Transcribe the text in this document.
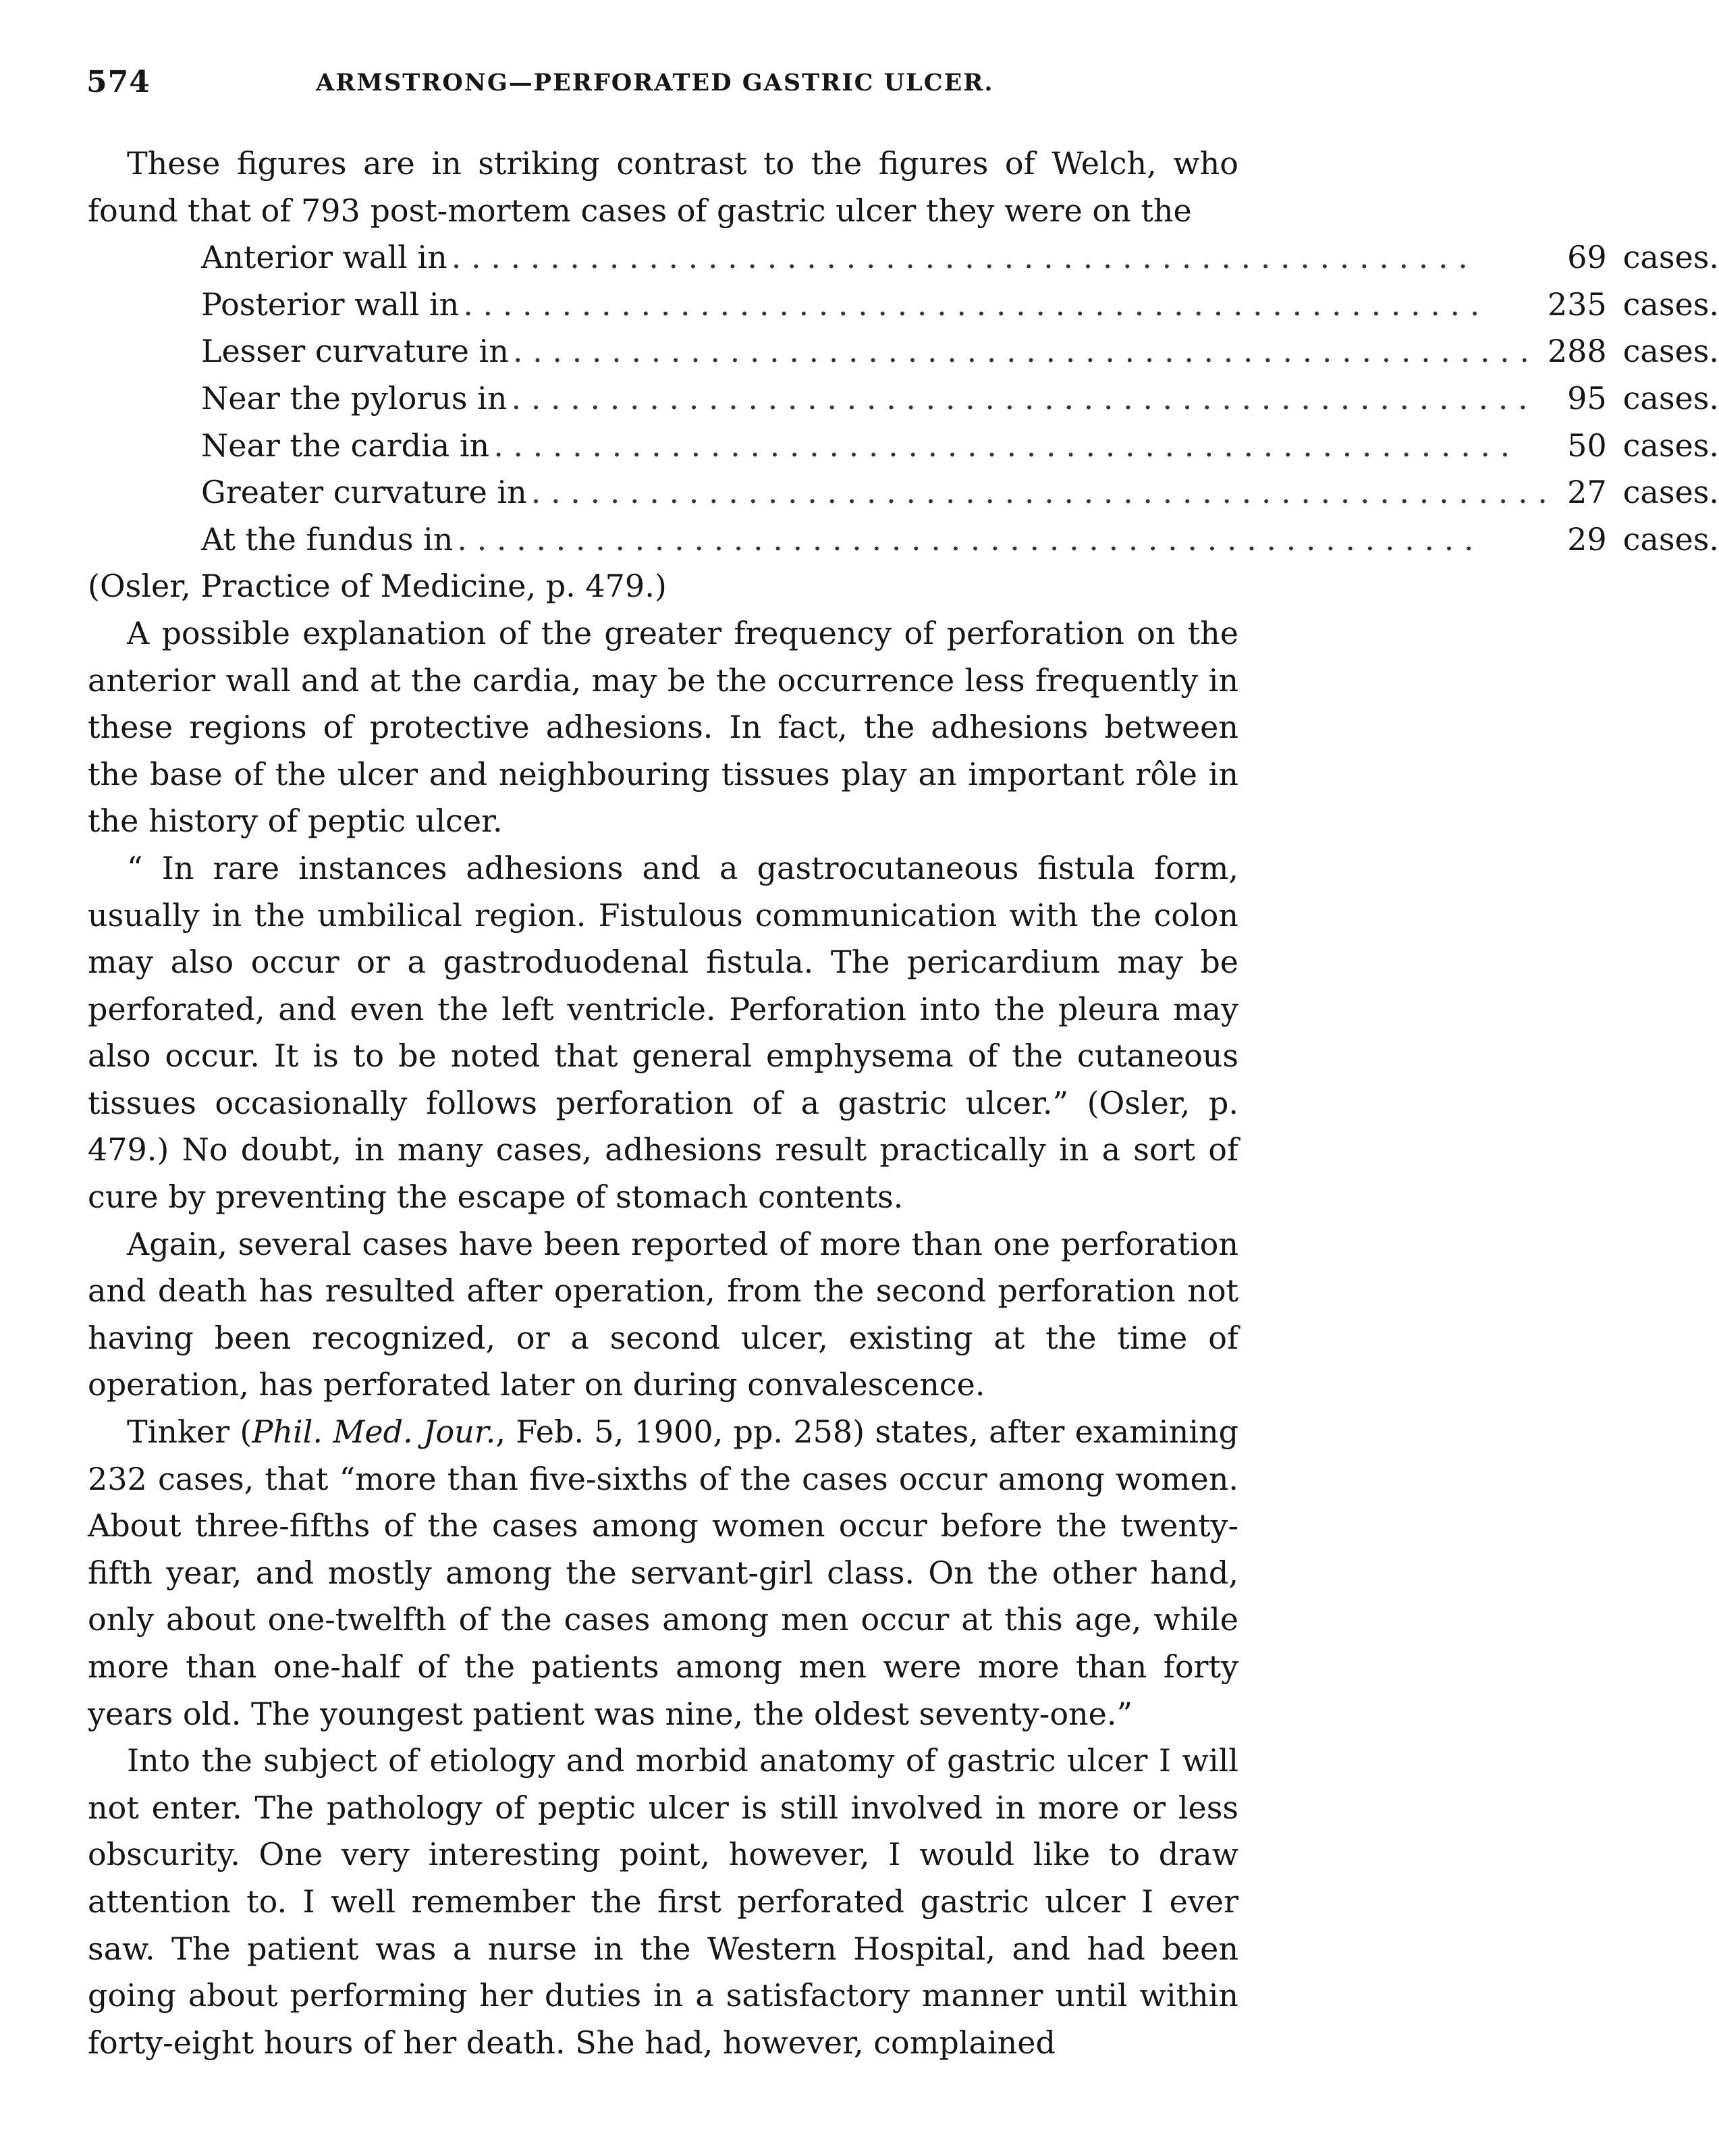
574	ARMSTRONG—PERFORATED GASTRIC ULCER.

These figures are in striking contrast to the figures of Welch, who found that of 793 post-mortem cases of gastric ulcer they were on the

Anterior wall in . . . . . . . . . . . . . . . . . . . . . . . . . . . . . . . . . . . . . . . . . . . . . . . . . . . .	69	cases.
Posterior wall in . . . . . . . . . . . . . . . . . . . . . . . . . . . . . . . . . . . . . . . . . . . . . . . . . . . .	235	cases.
Lesser curvature in . . . . . . . . . . . . . . . . . . . . . . . . . . . . . . . . . . . . . . . . . . . . . . . . . . . .	288	cases.
Near the pylorus in . . . . . . . . . . . . . . . . . . . . . . . . . . . . . . . . . . . . . . . . . . . . . . . . . . . .	95	cases.
Near the cardia in . . . . . . . . . . . . . . . . . . . . . . . . . . . . . . . . . . . . . . . . . . . . . . . . . . . .	50	cases.
Greater curvature in . . . . . . . . . . . . . . . . . . . . . . . . . . . . . . . . . . . . . . . . . . . . . . . . . . . .	27	cases.
At the fundus in . . . . . . . . . . . . . . . . . . . . . . . . . . . . . . . . . . . . . . . . . . . . . . . . . . . .	29	cases.

(Osler, Practice of Medicine, p. 479.)

A possible explanation of the greater frequency of perforation on the anterior wall and at the cardia, may be the occurrence less frequently in these regions of protective adhesions. In fact, the adhesions between the base of the ulcer and neighbouring tissues play an important rôle in the history of peptic ulcer.

“ In rare instances adhesions and a gastrocutaneous fistula form, usually in the umbilical region. Fistulous communication with the colon may also occur or a gastroduodenal fistula. The pericardium may be perforated, and even the left ventricle. Perforation into the pleura may also occur. It is to be noted that general emphysema of the cutaneous tissues occasionally follows perforation of a gastric ulcer.” (Osler, p. 479.) No doubt, in many cases, adhesions result practically in a sort of cure by preventing the escape of stomach contents.

Again, several cases have been reported of more than one perforation and death has resulted after operation, from the second perforation not having been recognized, or a second ulcer, existing at the time of operation, has perforated later on during convalescence.

Tinker (Phil. Med. Jour., Feb. 5, 1900, pp. 258) states, after examining 232 cases, that “more than five-sixths of the cases occur among women. About three-fifths of the cases among women occur before the twenty-fifth year, and mostly among the servant-girl class. On the other hand, only about one-twelfth of the cases among men occur at this age, while more than one-half of the patients among men were more than forty years old. The youngest patient was nine, the oldest seventy-one.”

Into the subject of etiology and morbid anatomy of gastric ulcer I will not enter. The pathology of peptic ulcer is still involved in more or less obscurity. One very interesting point, however, I would like to draw attention to. I well remember the first perforated gastric ulcer I ever saw. The patient was a nurse in the Western Hospital, and had been going about performing her duties in a satisfactory manner until within forty-eight hours of her death. She had, however, complained
